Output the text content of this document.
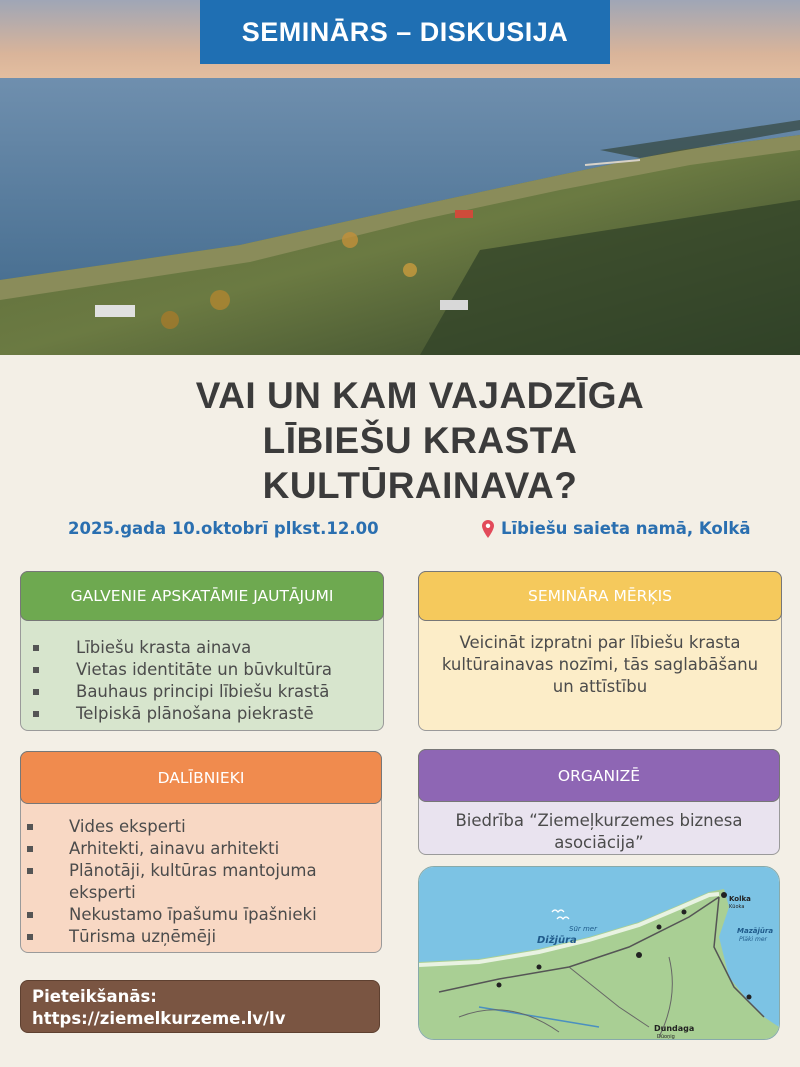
SEMINĀRS – DISKUSIJA
VAI UN KAM VAJADZĪGA
LĪBIEŠU KRASTA
KULTŪRAINAVA?
2025.gada 10.oktobrī plkst.12.00	Lībiešu saieta namā, Kolkā
GALVENIE APSKATĀMIE JAUTĀJUMI
Lībiešu krasta ainava
Vietas identitāte un būvkultūra
Bauhaus principi lībiešu krastā
Telpiskā plānošana piekrastē
SEMINĀRA MĒRĶIS
Veicināt izpratni par lībiešu krasta kultūrainavas nozīmi, tās saglabāšanu un attīstību
DALĪBNIEKI
Vides eksperti
Arhitekti, ainavu arhitekti
Plānotāji, kultūras mantojuma eksperti
Nekustamo īpašumu īpašnieki
Tūrisma uzņēmēji
ORGANIZĒ
Biedrība “Ziemeļkurzemes biznesa asociācija”
Pieteikšanās:
https://ziemelkurzeme.lv/lv
Dižjūra
Sūr mer	Mazājūra
Pläki mer
Kolka
Kūoka
Dundaga
Dūoņig
